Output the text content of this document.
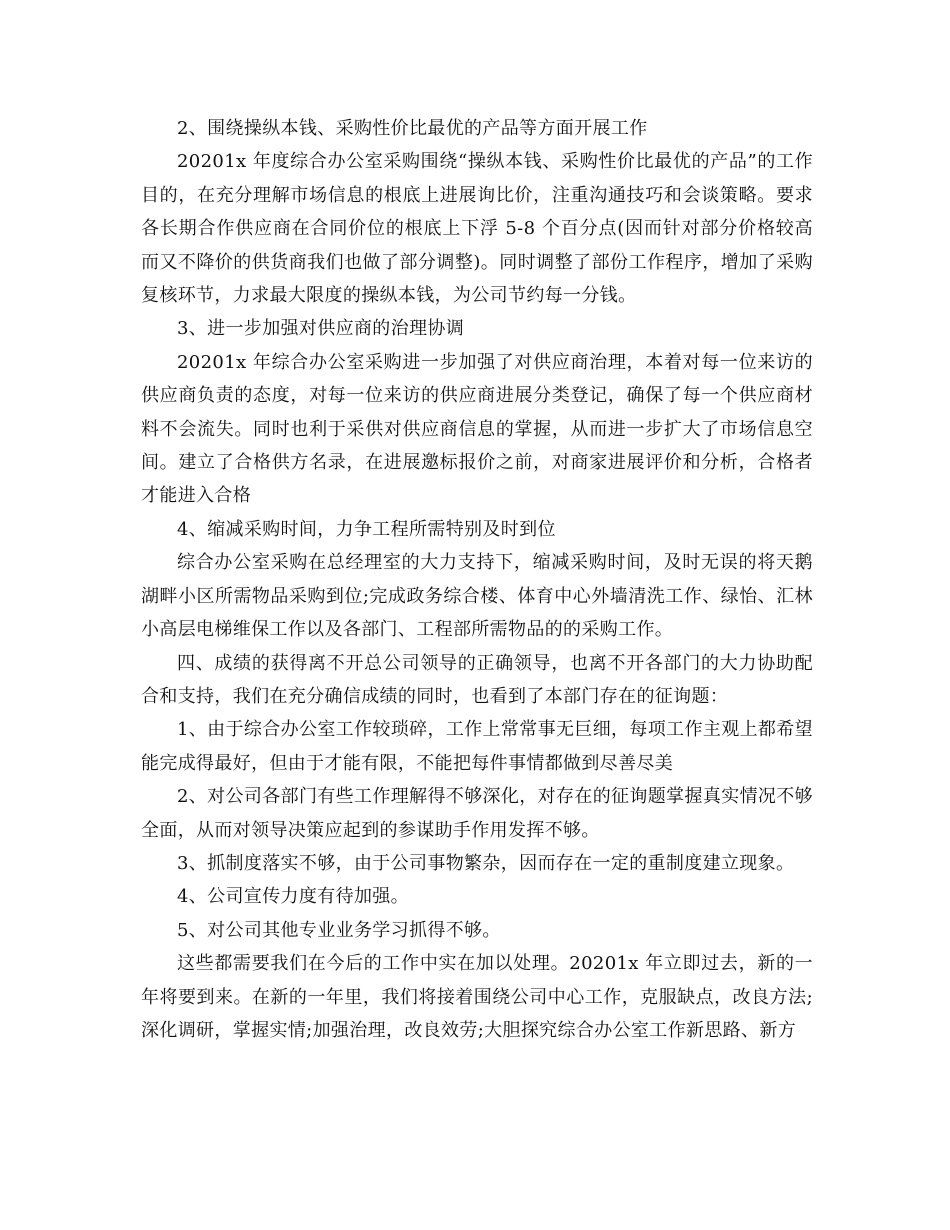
2、围绕操纵本钱、采购性价比最优的产品等方面开展工作

20201x 年度综合办公室采购围绕“操纵本钱、采购性价比最优的产品”的工作目的，在充分理解市场信息的根底上进展询比价，注重沟通技巧和会谈策略。要求各长期合作供应商在合同价位的根底上下浮 5-8 个百分点(因而针对部分价格较高而又不降价的供货商我们也做了部分调整)。同时调整了部份工作程序，增加了采购复核环节，力求最大限度的操纵本钱，为公司节约每一分钱。

3、进一步加强对供应商的治理协调

20201x 年综合办公室采购进一步加强了对供应商治理，本着对每一位来访的供应商负责的态度，对每一位来访的供应商进展分类登记，确保了每一个供应商材料不会流失。同时也利于采供对供应商信息的掌握，从而进一步扩大了市场信息空间。建立了合格供方名录，在进展邀标报价之前，对商家进展评价和分析，合格者才能进入合格

4、缩减采购时间，力争工程所需特别及时到位

综合办公室采购在总经理室的大力支持下，缩减采购时间，及时无误的将天鹅湖畔小区所需物品采购到位;完成政务综合楼、体育中心外墙清洗工作、绿怡、汇林小高层电梯维保工作以及各部门、工程部所需物品的的采购工作。

四、成绩的获得离不开总公司领导的正确领导，也离不开各部门的大力协助配合和支持，我们在充分确信成绩的同时，也看到了本部门存在的征询题：

1、由于综合办公室工作较琐碎，工作上常常事无巨细，每项工作主观上都希望能完成得最好，但由于才能有限，不能把每件事情都做到尽善尽美

2、对公司各部门有些工作理解得不够深化，对存在的征询题掌握真实情况不够全面，从而对领导决策应起到的参谋助手作用发挥不够。

3、抓制度落实不够，由于公司事物繁杂，因而存在一定的重制度建立现象。

4、公司宣传力度有待加强。

5、对公司其他专业业务学习抓得不够。

这些都需要我们在今后的工作中实在加以处理。20201x 年立即过去，新的一年将要到来。在新的一年里，我们将接着围绕公司中心工作，克服缺点，改良方法;深化调研，掌握实情;加强治理，改良效劳;大胆探究综合办公室工作新思路、新方
